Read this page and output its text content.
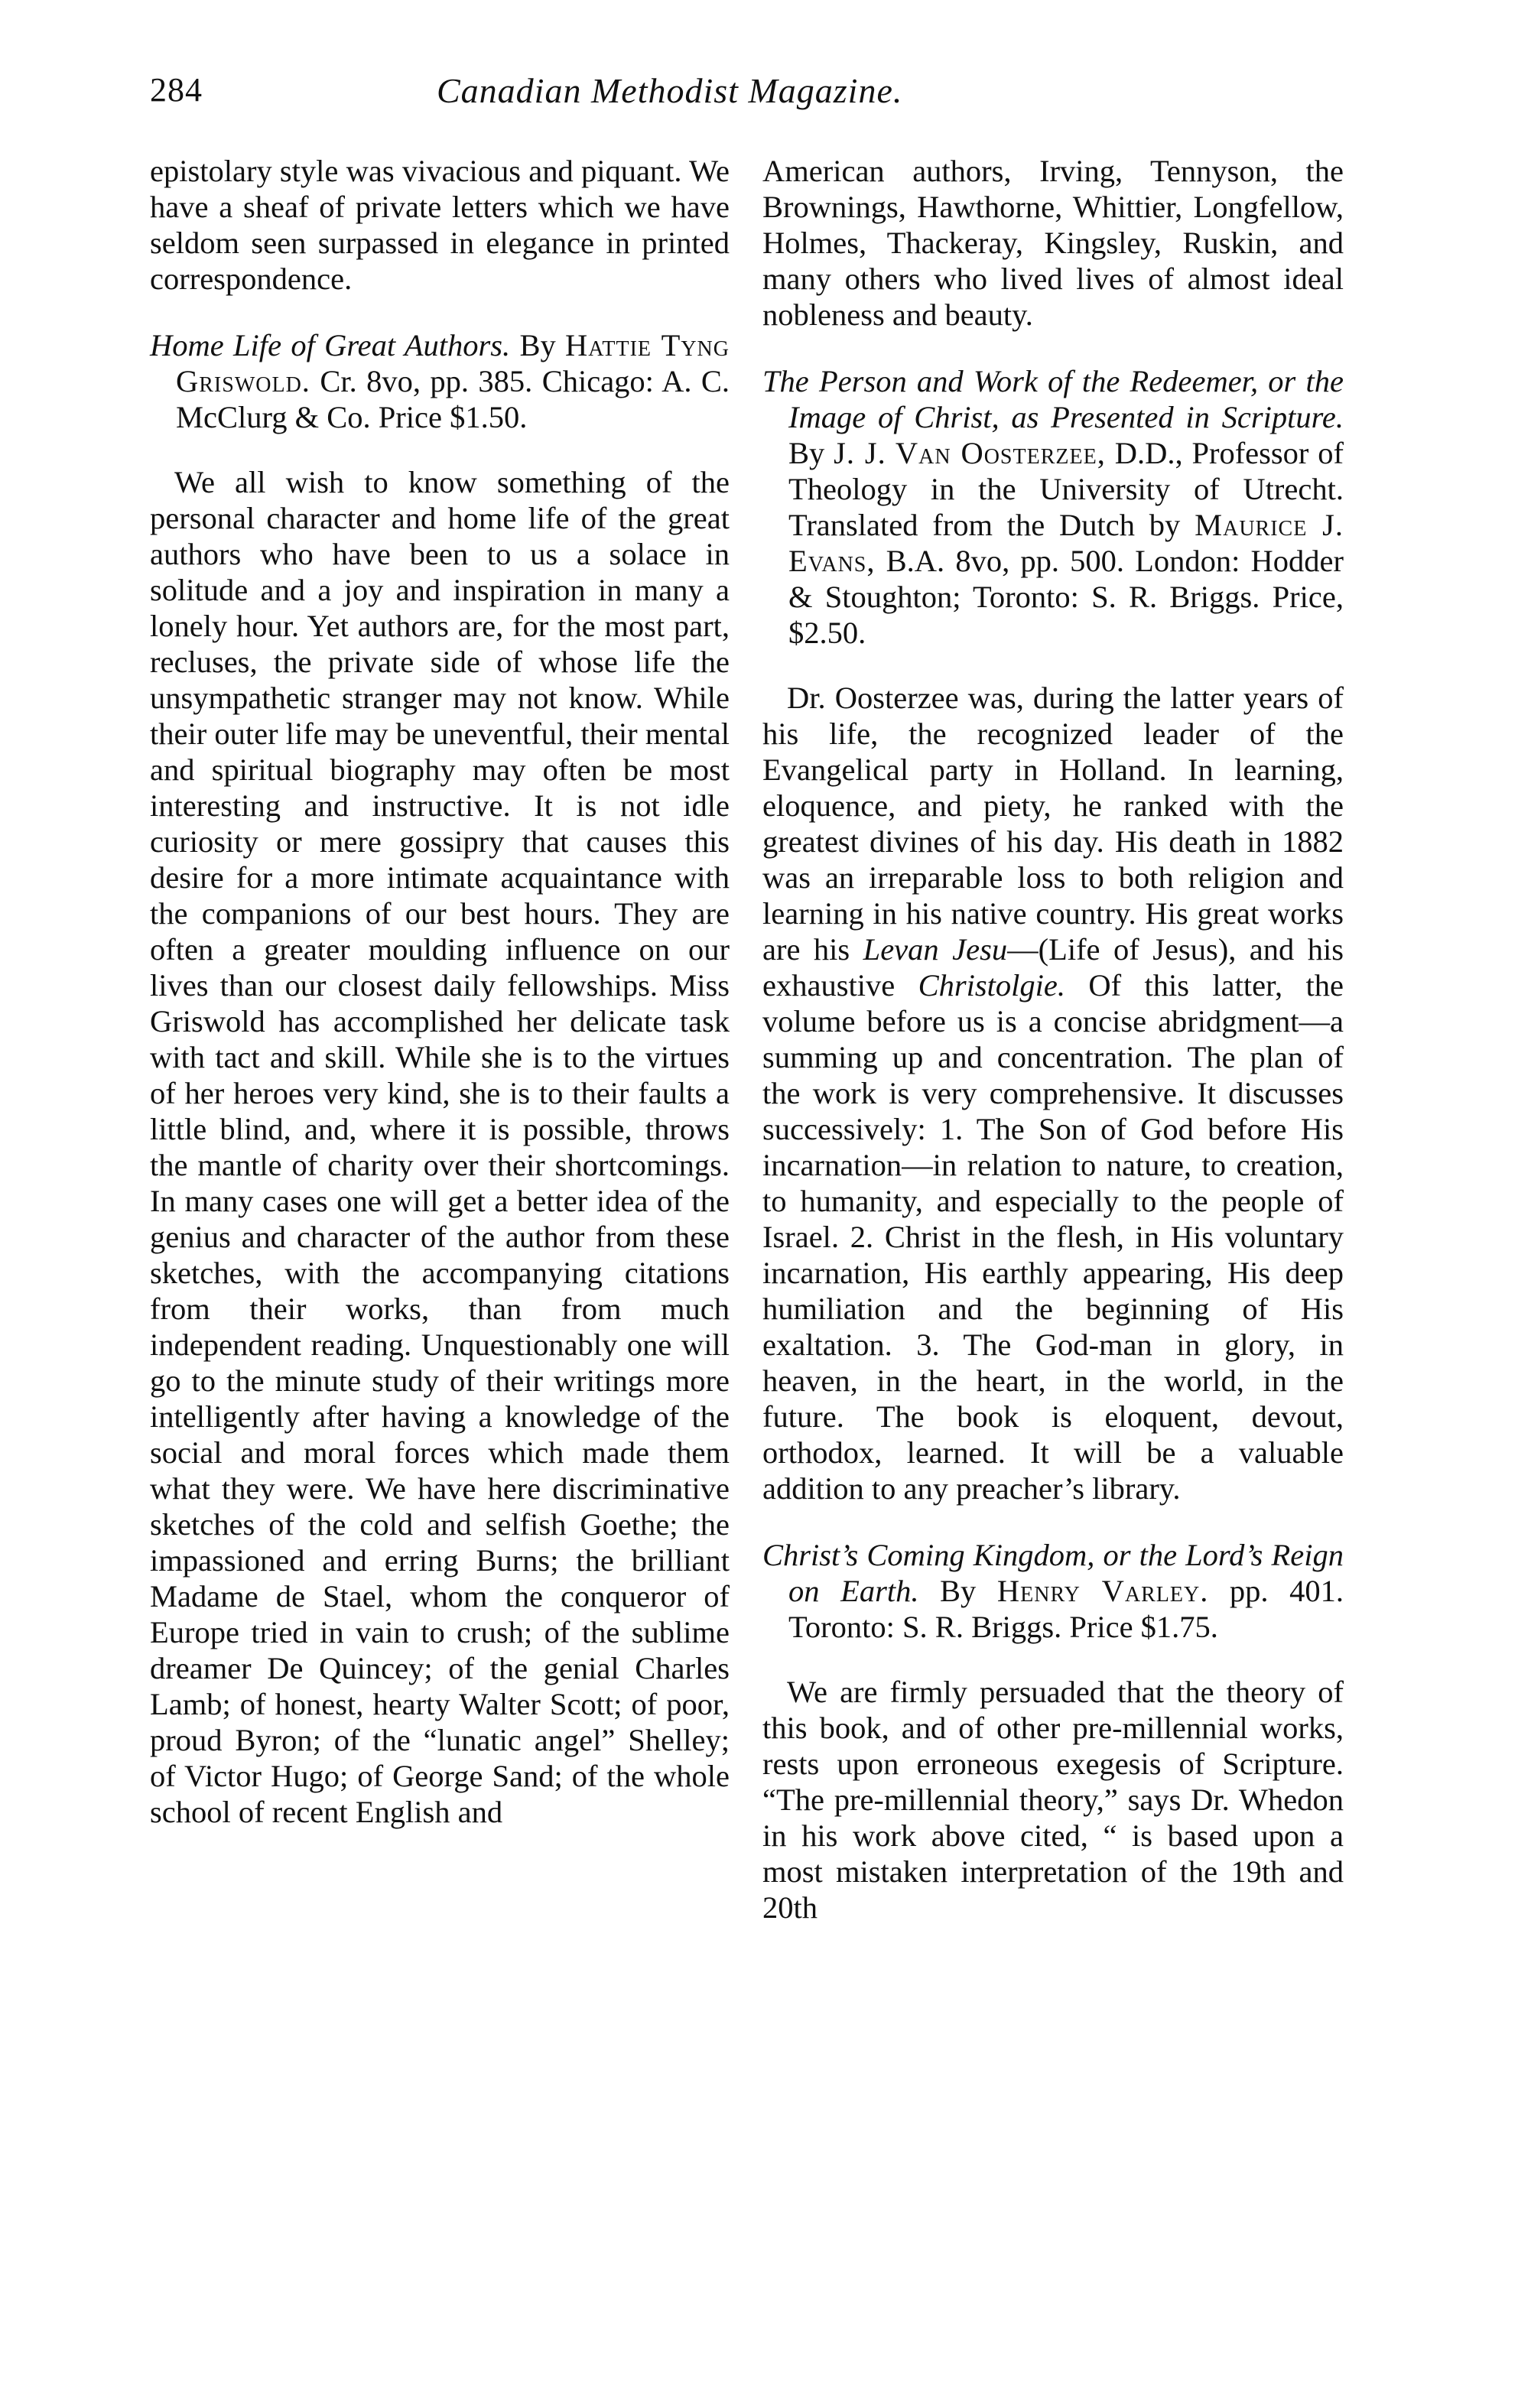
284	Canadian Methodist Magazine.

epistolary style was vivacious and piquant. We have a sheaf of private letters which we have seldom seen surpassed in elegance in printed correspondence.

Home Life of Great Authors. By Hattie Tyng Griswold. Cr. 8vo, pp. 385. Chicago: A. C. McClurg & Co. Price $1.50.

We all wish to know something of the personal character and home life of the great authors who have been to us a solace in solitude and a joy and inspiration in many a lonely hour. Yet authors are, for the most part, recluses, the private side of whose life the unsympathetic stranger may not know. While their outer life may be uneventful, their mental and spiritual biography may often be most interesting and instructive. It is not idle curiosity or mere gossipry that causes this desire for a more intimate acquaintance with the companions of our best hours. They are often a greater moulding influence on our lives than our closest daily fellowships. Miss Griswold has accomplished her delicate task with tact and skill. While she is to the virtues of her heroes very kind, she is to their faults a little blind, and, where it is possible, throws the mantle of charity over their shortcomings. In many cases one will get a better idea of the genius and character of the author from these sketches, with the accompanying citations from their works, than from much independent reading. Unquestionably one will go to the minute study of their writings more intelligently after having a knowledge of the social and moral forces which made them what they were. We have here discriminative sketches of the cold and selfish Goethe; the impassioned and erring Burns; the brilliant Madame de Stael, whom the conqueror of Europe tried in vain to crush; of the sublime dreamer De Quincey; of the genial Charles Lamb; of honest, hearty Walter Scott; of poor, proud Byron; of the “lunatic angel” Shelley; of Victor Hugo; of George Sand; of the whole school of recent English and

American authors, Irving, Tennyson, the Brownings, Hawthorne, Whittier, Longfellow, Holmes, Thackeray, Kingsley, Ruskin, and many others who lived lives of almost ideal nobleness and beauty.

The Person and Work of the Redeemer, or the Image of Christ, as Presented in Scripture. By J. J. Van Oosterzee, D.D., Professor of Theology in the University of Utrecht. Translated from the Dutch by Maurice J. Evans, B.A. 8vo, pp. 500. London: Hodder & Stoughton; Toronto: S. R. Briggs. Price, $2.50.

Dr. Oosterzee was, during the latter years of his life, the recognized leader of the Evangelical party in Holland. In learning, eloquence, and piety, he ranked with the greatest divines of his day. His death in 1882 was an irreparable loss to both religion and learning in his native country. His great works are his Levan Jesu—(Life of Jesus), and his exhaustive Christolgie. Of this latter, the volume before us is a concise abridgment—a summing up and concentration. The plan of the work is very comprehensive. It discusses successively: 1. The Son of God before His incarnation—in relation to nature, to creation, to humanity, and especially to the people of Israel. 2. Christ in the flesh, in His voluntary incarnation, His earthly appearing, His deep humiliation and the beginning of His exaltation. 3. The God-man in glory, in heaven, in the heart, in the world, in the future. The book is eloquent, devout, orthodox, learned. It will be a valuable addition to any preacher’s library.

Christ’s Coming Kingdom, or the Lord’s Reign on Earth. By Henry Varley. pp. 401. Toronto: S. R. Briggs. Price $1.75.

We are firmly persuaded that the theory of this book, and of other pre-millennial works, rests upon erroneous exegesis of Scripture. “The pre-millennial theory,” says Dr. Whedon in his work above cited, “ is based upon a most mistaken interpretation of the 19th and 20th
